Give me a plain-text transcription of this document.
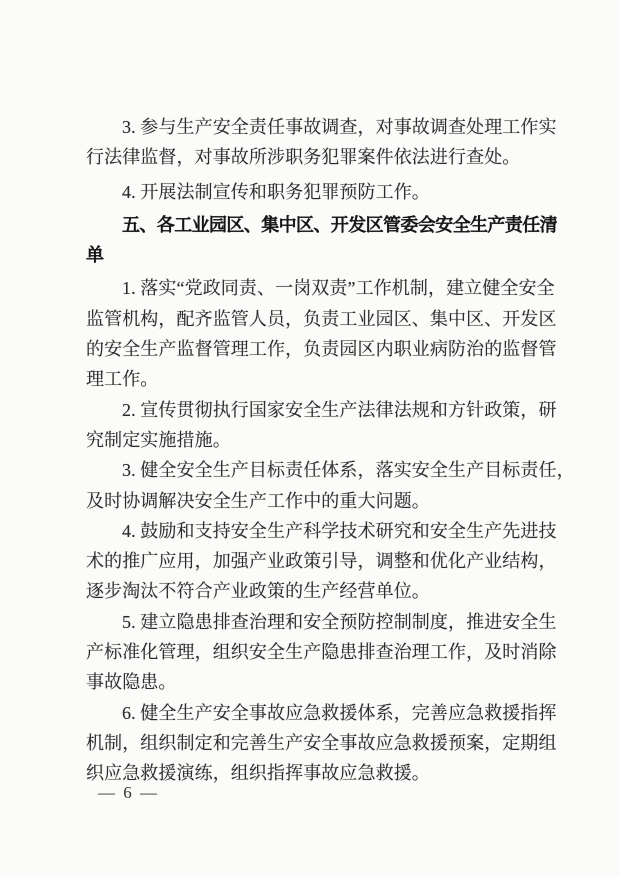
3. 参与生产安全责任事故调查，对事故调查处理工作实
行法律监督，对事故所涉职务犯罪案件依法进行查处。
4. 开展法制宣传和职务犯罪预防工作。
五、各工业园区、集中区、开发区管委会安全生产责任清
单
1. 落实“党政同责、一岗双责”工作机制，建立健全安全
监管机构，配齐监管人员，负责工业园区、集中区、开发区
的安全生产监督管理工作，负责园区内职业病防治的监督管
理工作。
2. 宣传贯彻执行国家安全生产法律法规和方针政策，研
究制定实施措施。
3. 健全安全生产目标责任体系，落实安全生产目标责任，
及时协调解决安全生产工作中的重大问题。
4. 鼓励和支持安全生产科学技术研究和安全生产先进技
术的推广应用，加强产业政策引导，调整和优化产业结构，
逐步淘汰不符合产业政策的生产经营单位。
5. 建立隐患排查治理和安全预防控制制度，推进安全生
产标准化管理，组织安全生产隐患排查治理工作，及时消除
事故隐患。
6. 健全生产安全事故应急救援体系，完善应急救援指挥
机制，组织制定和完善生产安全事故应急救援预案，定期组
织应急救援演练，组织指挥事故应急救援。
— 6 —
